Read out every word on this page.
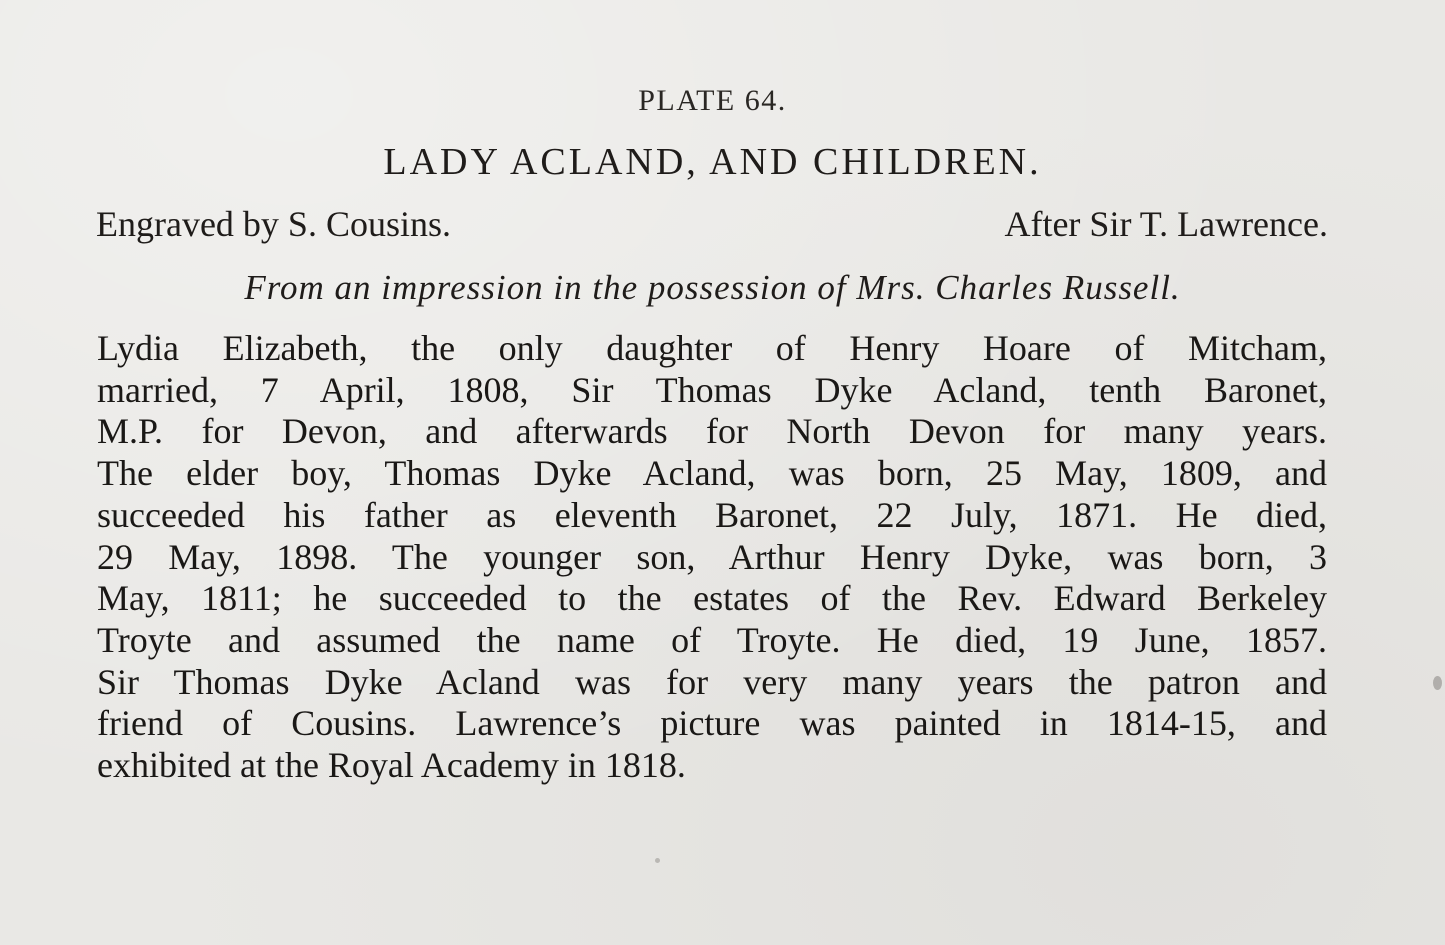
PLATE 64.
LADY ACLAND, AND CHILDREN.
Engraved by S. Cousins.	After Sir T. Lawrence.
From an impression in the possession of Mrs. Charles Russell.
Lydia Elizabeth, the only daughter of Henry Hoare of Mitcham,
married, 7 April, 1808, Sir Thomas Dyke Acland, tenth Baronet,
M.P. for Devon, and afterwards for North Devon for many years.
The elder boy, Thomas Dyke Acland, was born, 25 May, 1809, and
succeeded his father as eleventh Baronet, 22 July, 1871. He died,
29 May, 1898. The younger son, Arthur Henry Dyke, was born, 3
May, 1811; he succeeded to the estates of the Rev. Edward Berkeley
Troyte and assumed the name of Troyte. He died, 19 June, 1857.
Sir Thomas Dyke Acland was for very many years the patron and
friend of Cousins. Lawrence’s picture was painted in 1814-15, and
exhibited at the Royal Academy in 1818.
